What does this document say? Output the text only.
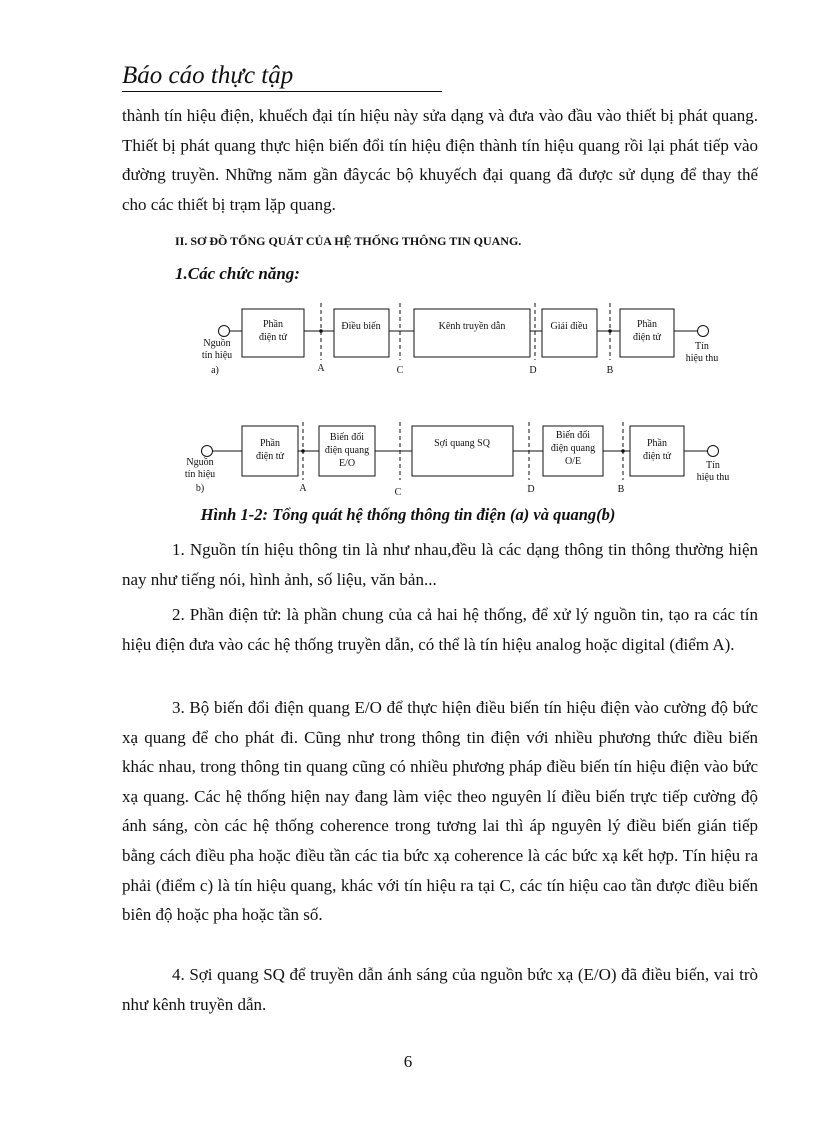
Báo cáo thực tập
thành tín hiệu điện, khuếch đại tín hiệu này sửa dạng và đưa vào đầu vào thiết bị phát quang. Thiết bị phát quang thực hiện biến đổi tín hiệu điện thành tín hiệu quang rồi lại phát tiếp vào đường truyền. Những năm gần đâycác bộ khuyếch đại quang đã được sử dụng để thay thế cho các thiết bị trạm lặp quang.
II. SƠ ĐỒ TỔNG QUÁT CỦA HỆ THỐNG THÔNG TIN QUANG.
1.Các chức năng:
Phần
điện tử
Điều biến	Kênh truyền dẫn	Giải điều	Phần
điện tử
Nguồn
tín hiệu
a)
Tín
hiệu thu
A	C	D	B
Phần
điện tử
Biến đổi
điện quang
E/O
Sợi quang SQ
Biến đổi
điện quang
O/E
Phần
điện tử
Nguồn
tín hiệu
b)
Tín
hiệu thu
A	C	D	B
Hình 1-2: Tổng quát hệ thống thông tin điện (a) và quang(b)
1. Nguồn tín hiệu thông tin là như nhau,đều là các dạng thông tin thông thường hiện nay như tiếng nói, hình ảnh, số liệu, văn bản...
2. Phần điện tử: là phần chung của cả hai hệ thống, để xử lý nguồn tin, tạo ra các tín hiệu điện đưa vào các hệ thống truyền dẫn, có thể là tín hiệu analog hoặc digital (điểm A).
3. Bộ biến đổi điện quang E/O để thực hiện điều biến tín hiệu điện vào cường độ bức xạ quang để cho phát đi. Cũng như trong thông tin điện với nhiều phương thức điều biến khác nhau, trong thông tin quang cũng có nhiều phương pháp điều biến tín hiệu điện vào bức xạ quang. Các hệ thống hiện nay đang làm việc theo nguyên lí điều biến trực tiếp cường độ ánh sáng, còn các hệ thống coherence trong tương lai thì áp nguyên lý điều biến gián tiếp bằng cách điều pha hoặc điều tần các tia bức xạ coherence là các bức xạ kết hợp. Tín hiệu ra phải (điểm c) là tín hiệu quang, khác với tín hiệu ra tại C, các tín hiệu cao tần được điều biến biên độ hoặc pha hoặc tần số.
4. Sợi quang SQ để truyền dẫn ánh sáng của nguồn bức xạ (E/O) đã điều biến, vai trò như kênh truyền dẫn.
6
